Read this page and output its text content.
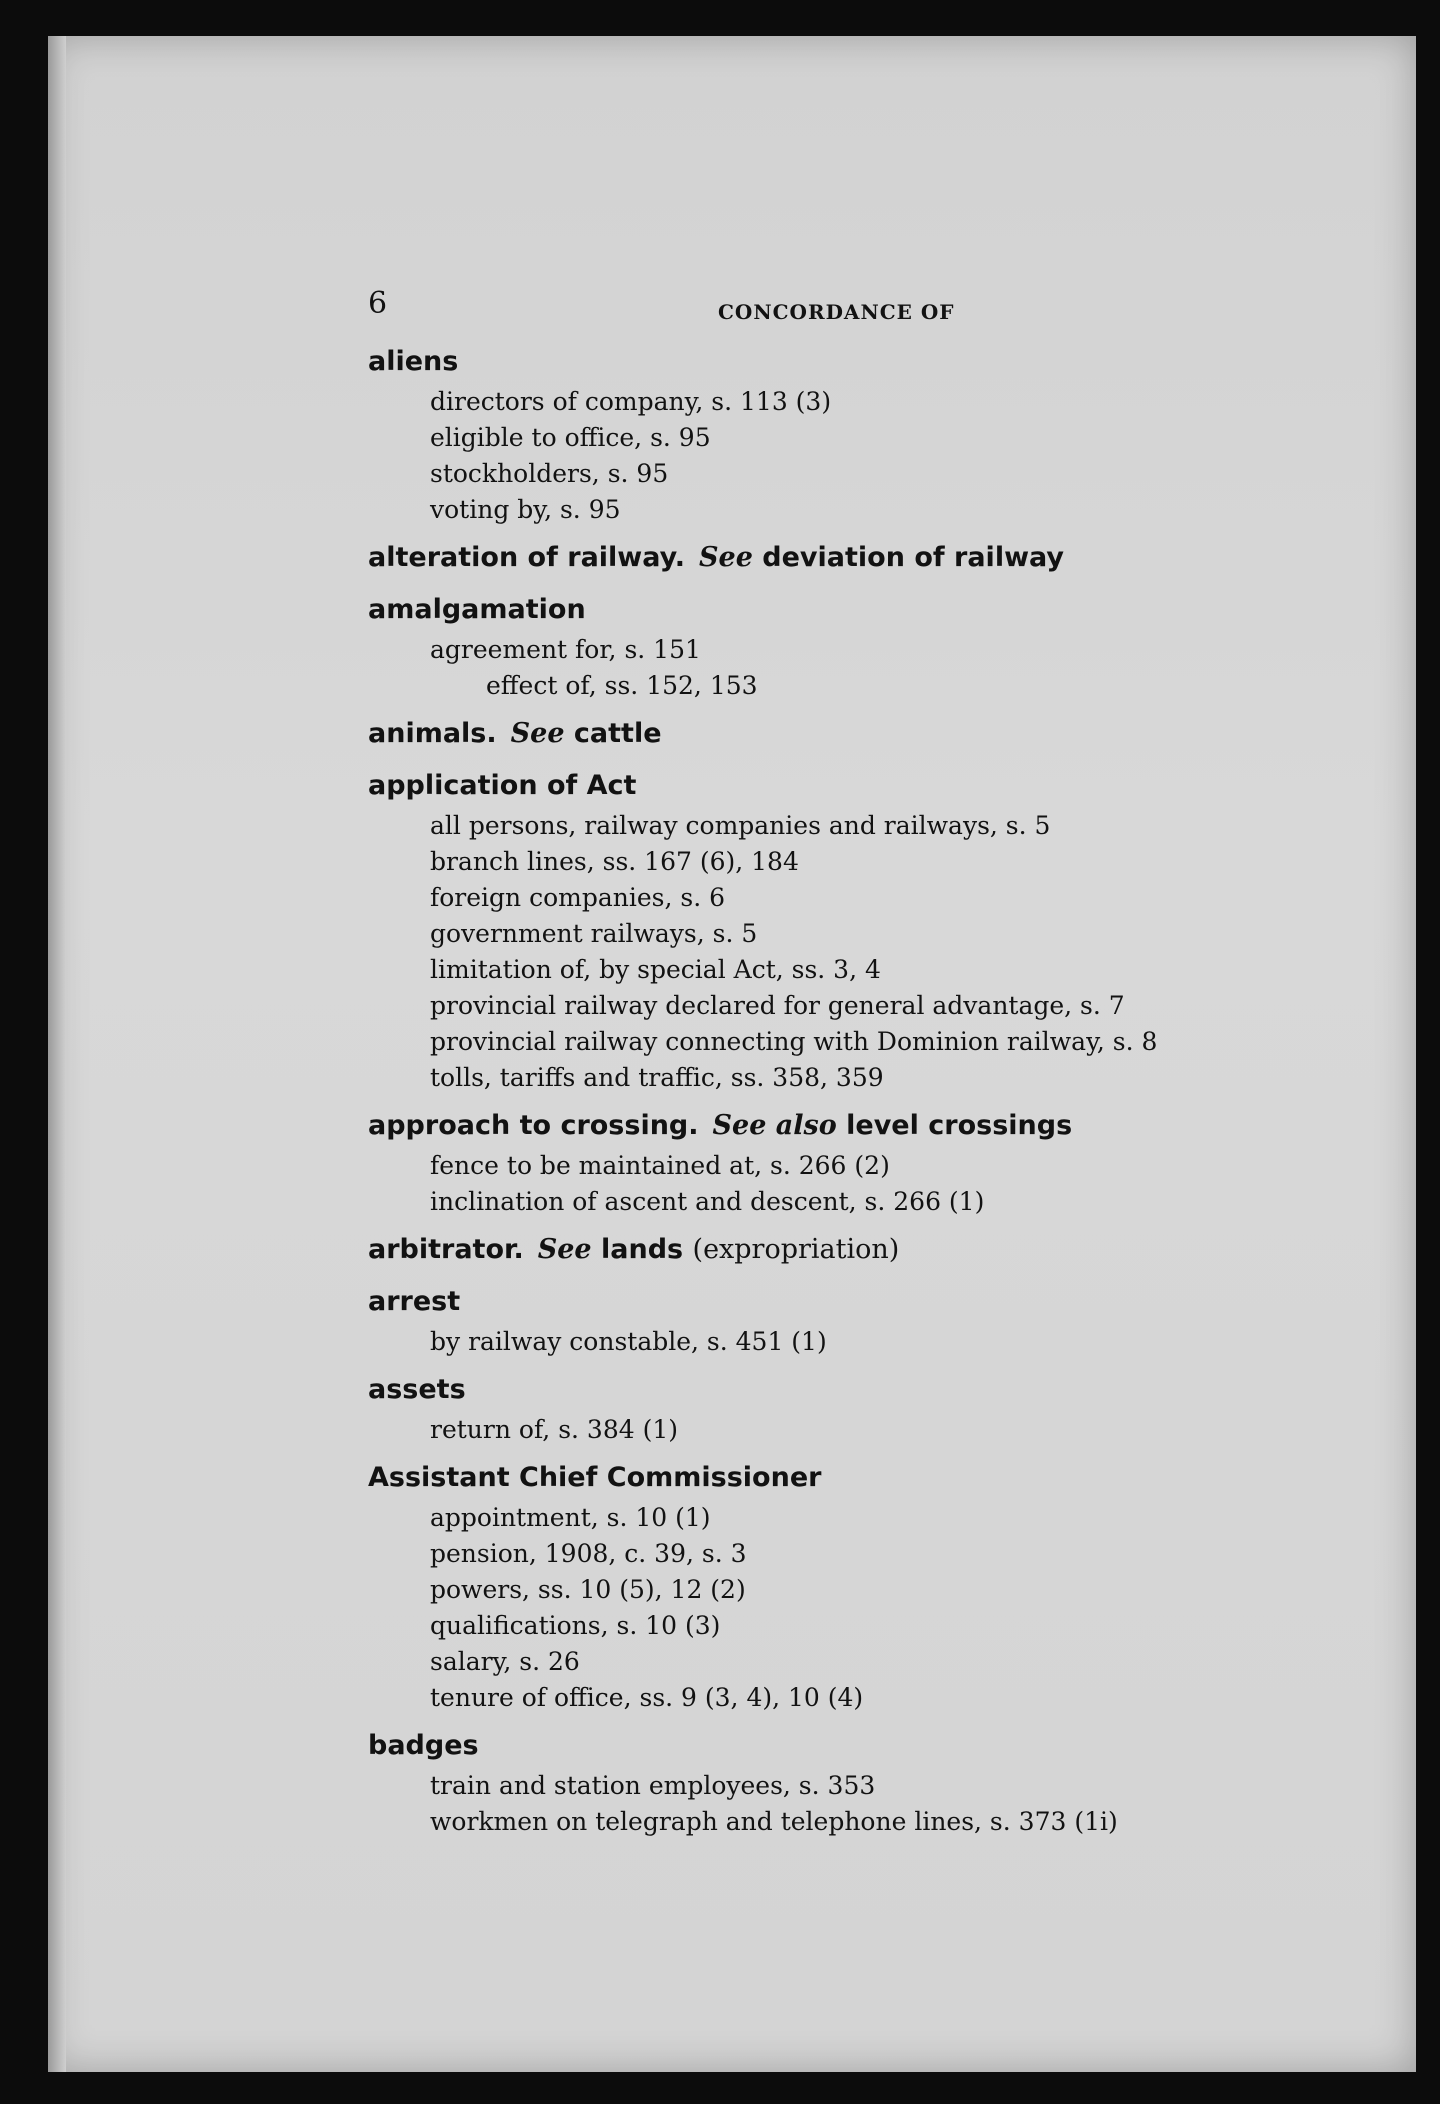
6	CONCORDANCE OF
aliens
directors of company, s. 113 (3)
eligible to office, s. 95
stockholders, s. 95
voting by, s. 95
alteration of railway. See deviation of railway
amalgamation
agreement for, s. 151
effect of, ss. 152, 153
animals. See cattle
application of Act
all persons, railway companies and railways, s. 5
branch lines, ss. 167 (6), 184
foreign companies, s. 6
government railways, s. 5
limitation of, by special Act, ss. 3, 4
provincial railway declared for general advantage, s. 7
provincial railway connecting with Dominion railway, s. 8
tolls, tariffs and traffic, ss. 358, 359
approach to crossing. See also level crossings
fence to be maintained at, s. 266 (2)
inclination of ascent and descent, s. 266 (1)
arbitrator. See lands (expropriation)
arrest
by railway constable, s. 451 (1)
assets
return of, s. 384 (1)
Assistant Chief Commissioner
appointment, s. 10 (1)
pension, 1908, c. 39, s. 3
powers, ss. 10 (5), 12 (2)
qualifications, s. 10 (3)
salary, s. 26
tenure of office, ss. 9 (3, 4), 10 (4)
badges
train and station employees, s. 353
workmen on telegraph and telephone lines, s. 373 (1i)
